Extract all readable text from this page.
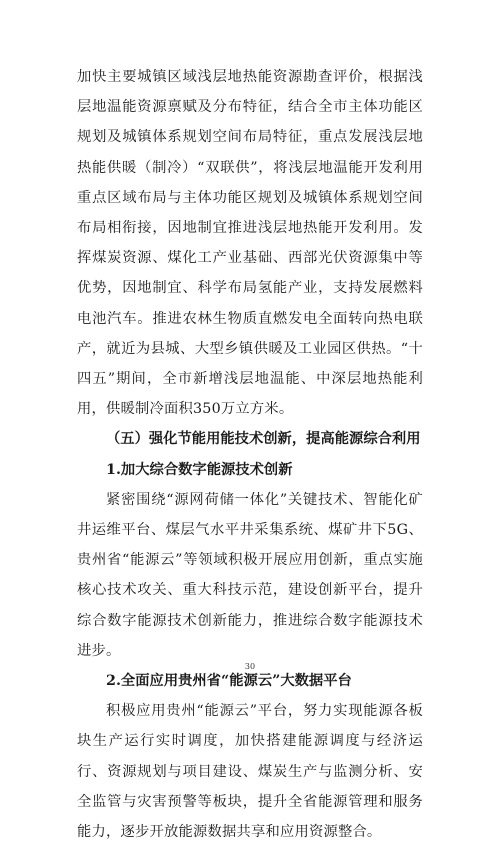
加快主要城镇区域浅层地热能资源勘查评价，根据浅层地温能资源禀赋及分布特征，结合全市主体功能区规划及城镇体系规划空间布局特征，重点发展浅层地热能供暖（制冷）“双联供”，将浅层地温能开发利用重点区域布局与主体功能区规划及城镇体系规划空间布局相衔接，因地制宜推进浅层地热能开发利用。发挥煤炭资源、煤化工产业基础、西部光伏资源集中等优势，因地制宜、科学布局氢能产业，支持发展燃料电池汽车。推进农林生物质直燃发电全面转向热电联产，就近为县城、大型乡镇供暖及工业园区供热。“十四五”期间，全市新增浅层地温能、中深层地热能利用，供暖制冷面积350万立方米。

（五）强化节能用能技术创新，提高能源综合利用

1.加大综合数字能源技术创新

紧密围绕“源网荷储一体化”关键技术、智能化矿井运维平台、煤层气水平井采集系统、煤矿井下5G、贵州省“能源云”等领域积极开展应用创新，重点实施核心技术攻关、重大科技示范，建设创新平台，提升综合数字能源技术创新能力，推进综合数字能源技术进步。

2.全面应用贵州省“能源云”大数据平台

积极应用贵州“能源云”平台，努力实现能源各板块生产运行实时调度，加快搭建能源调度与经济运行、资源规划与项目建设、煤炭生产与监测分析、安全监管与灾害预警等板块，提升全省能源管理和服务能力，逐步开放能源数据共享和应用资源整合。

30
